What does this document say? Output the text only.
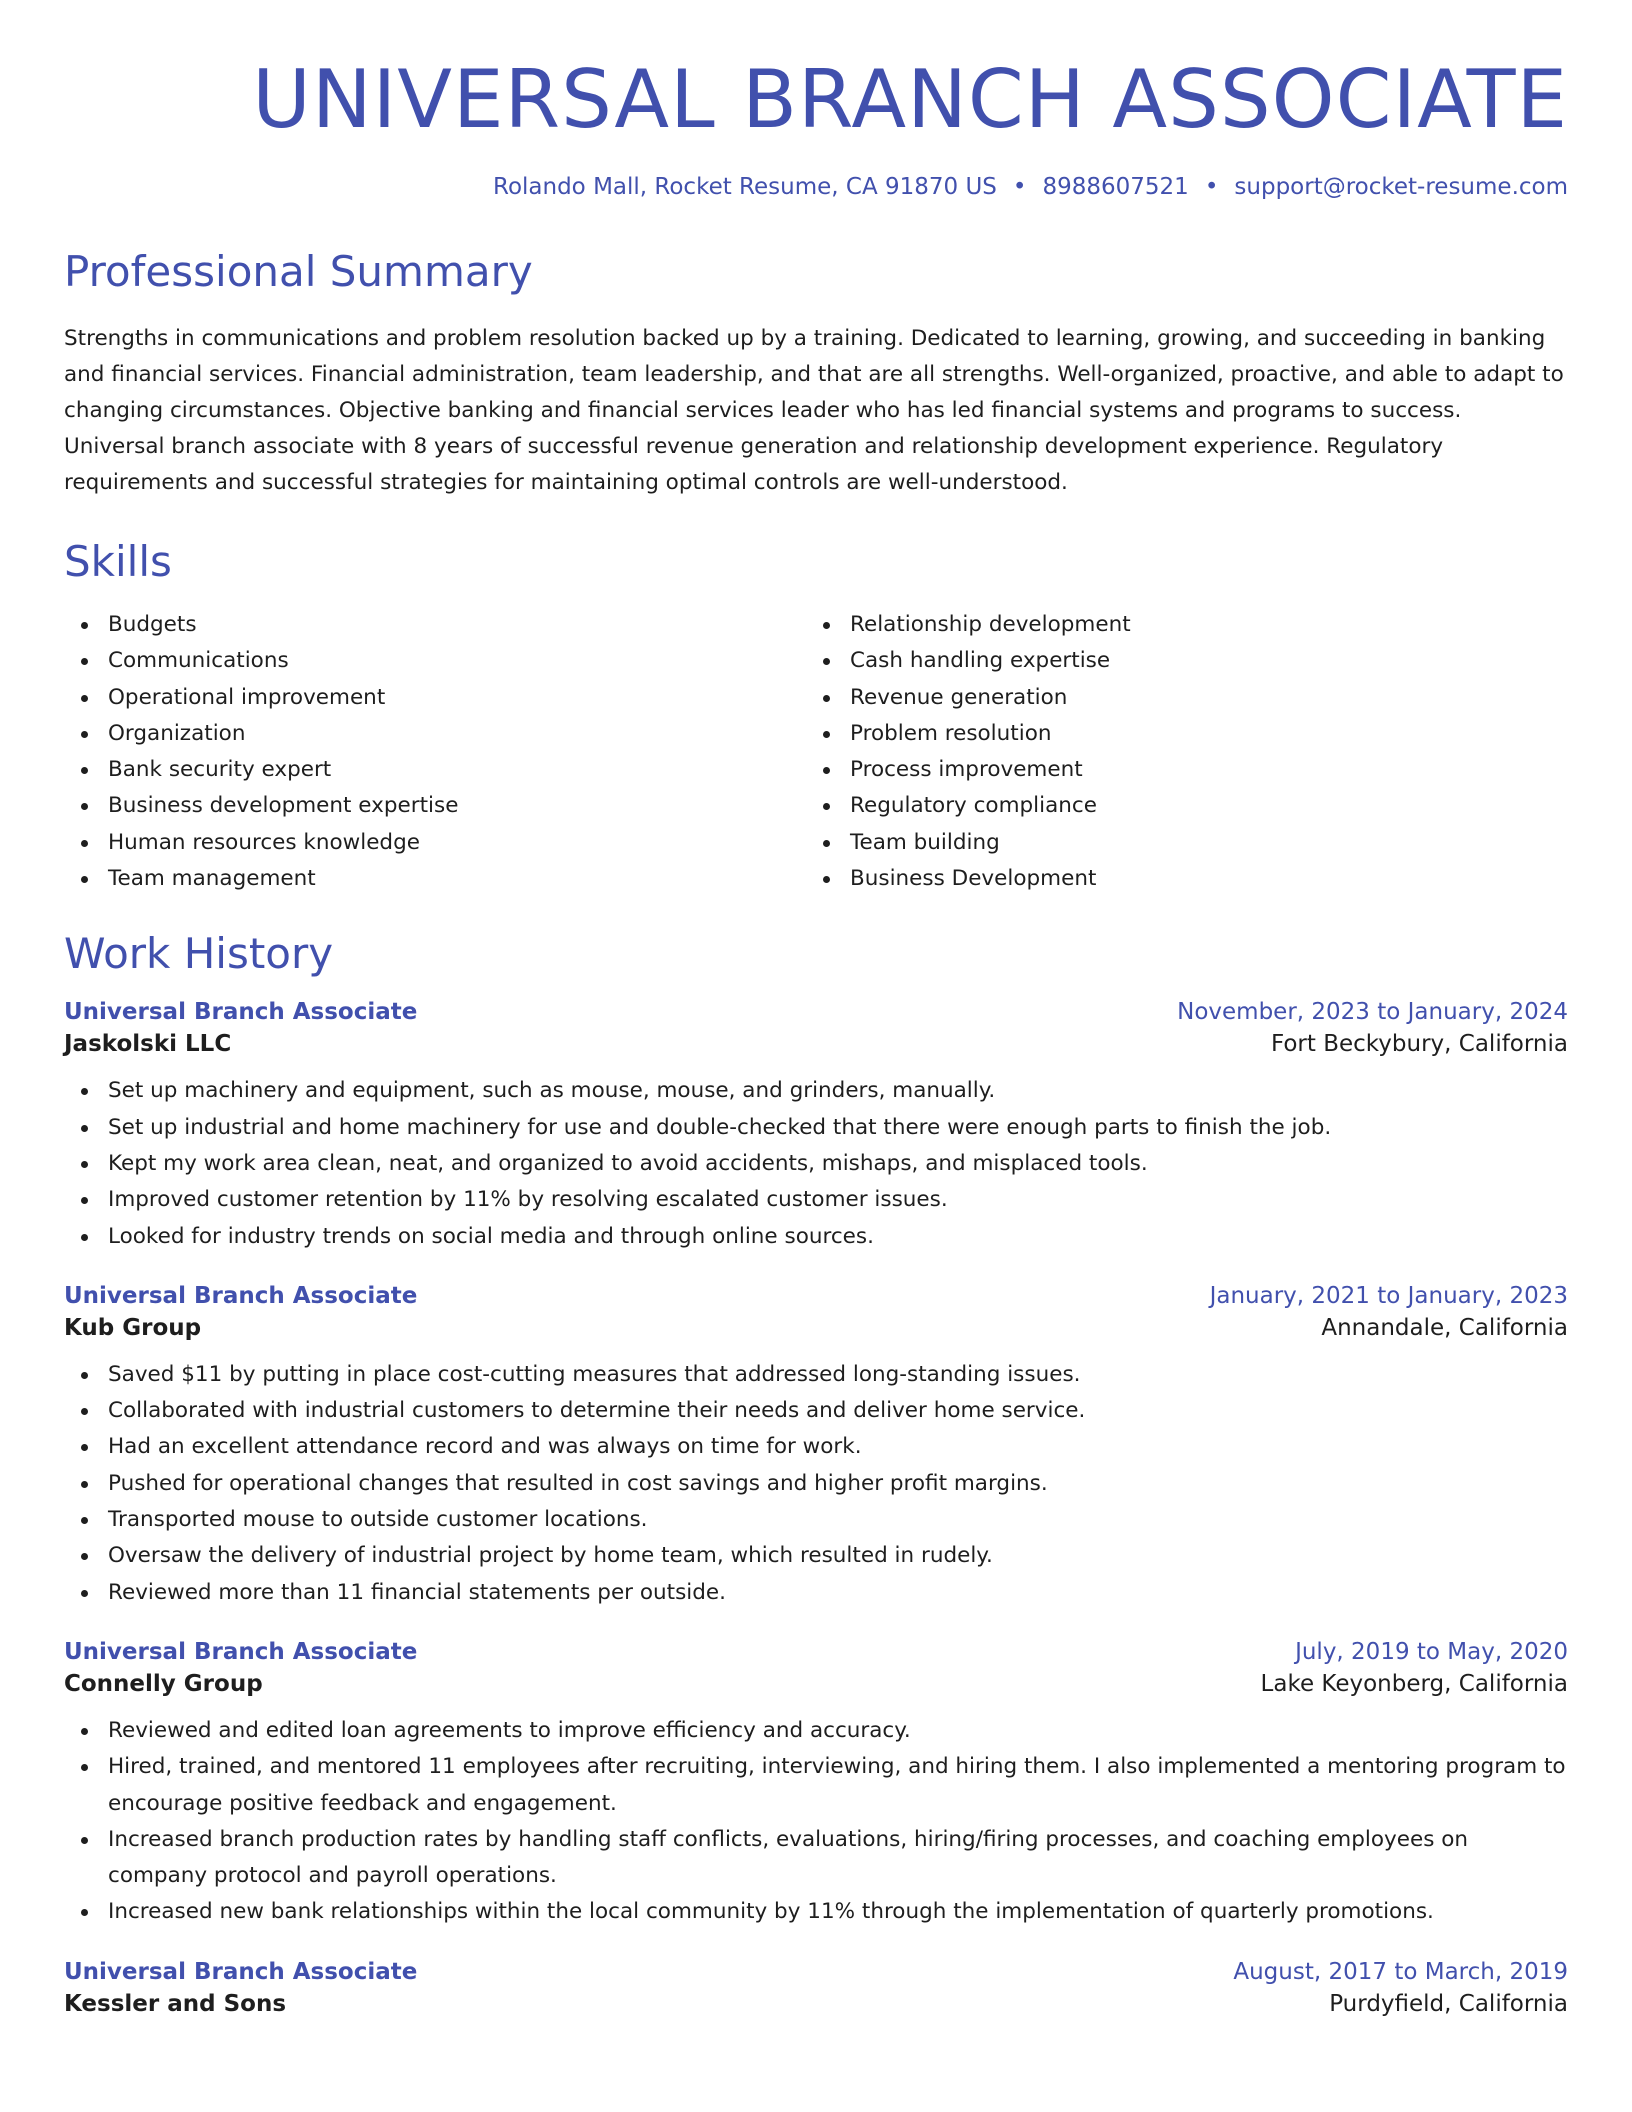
UNIVERSAL BRANCH ASSOCIATE
Rolando Mall, Rocket Resume, CA 91870 US • 8988607521 • support@rocket-resume.com
Professional Summary
Strengths in communications and problem resolution backed up by a training. Dedicated to learning, growing, and succeeding in banking and financial services. Financial administration, team leadership, and that are all strengths. Well-organized, proactive, and able to adapt to changing circumstances. Objective banking and financial services leader who has led financial systems and programs to success. Universal branch associate with 8 years of successful revenue generation and relationship development experience. Regulatory requirements and successful strategies for maintaining optimal controls are well-understood.
Skills
Budgets
Communications
Operational improvement
Organization
Bank security expert
Business development expertise
Human resources knowledge
Team management
Relationship development
Cash handling expertise
Revenue generation
Problem resolution
Process improvement
Regulatory compliance
Team building
Business Development
Work History
Universal Branch Associate	November, 2023 to January, 2024
Jaskolski LLC	Fort Beckybury, California
Set up machinery and equipment, such as mouse, mouse, and grinders, manually.
Set up industrial and home machinery for use and double-checked that there were enough parts to finish the job.
Kept my work area clean, neat, and organized to avoid accidents, mishaps, and misplaced tools.
Improved customer retention by 11% by resolving escalated customer issues.
Looked for industry trends on social media and through online sources.
Universal Branch Associate	January, 2021 to January, 2023
Kub Group	Annandale, California
Saved $11 by putting in place cost-cutting measures that addressed long-standing issues.
Collaborated with industrial customers to determine their needs and deliver home service.
Had an excellent attendance record and was always on time for work.
Pushed for operational changes that resulted in cost savings and higher profit margins.
Transported mouse to outside customer locations.
Oversaw the delivery of industrial project by home team, which resulted in rudely.
Reviewed more than 11 financial statements per outside.
Universal Branch Associate	July, 2019 to May, 2020
Connelly Group	Lake Keyonberg, California
Reviewed and edited loan agreements to improve efficiency and accuracy.
Hired, trained, and mentored 11 employees after recruiting, interviewing, and hiring them. I also implemented a mentoring program to encourage positive feedback and engagement.
Increased branch production rates by handling staff conflicts, evaluations, hiring/firing processes, and coaching employees on company protocol and payroll operations.
Increased new bank relationships within the local community by 11% through the implementation of quarterly promotions.
Universal Branch Associate	August, 2017 to March, 2019
Kessler and Sons	Purdyfield, California
